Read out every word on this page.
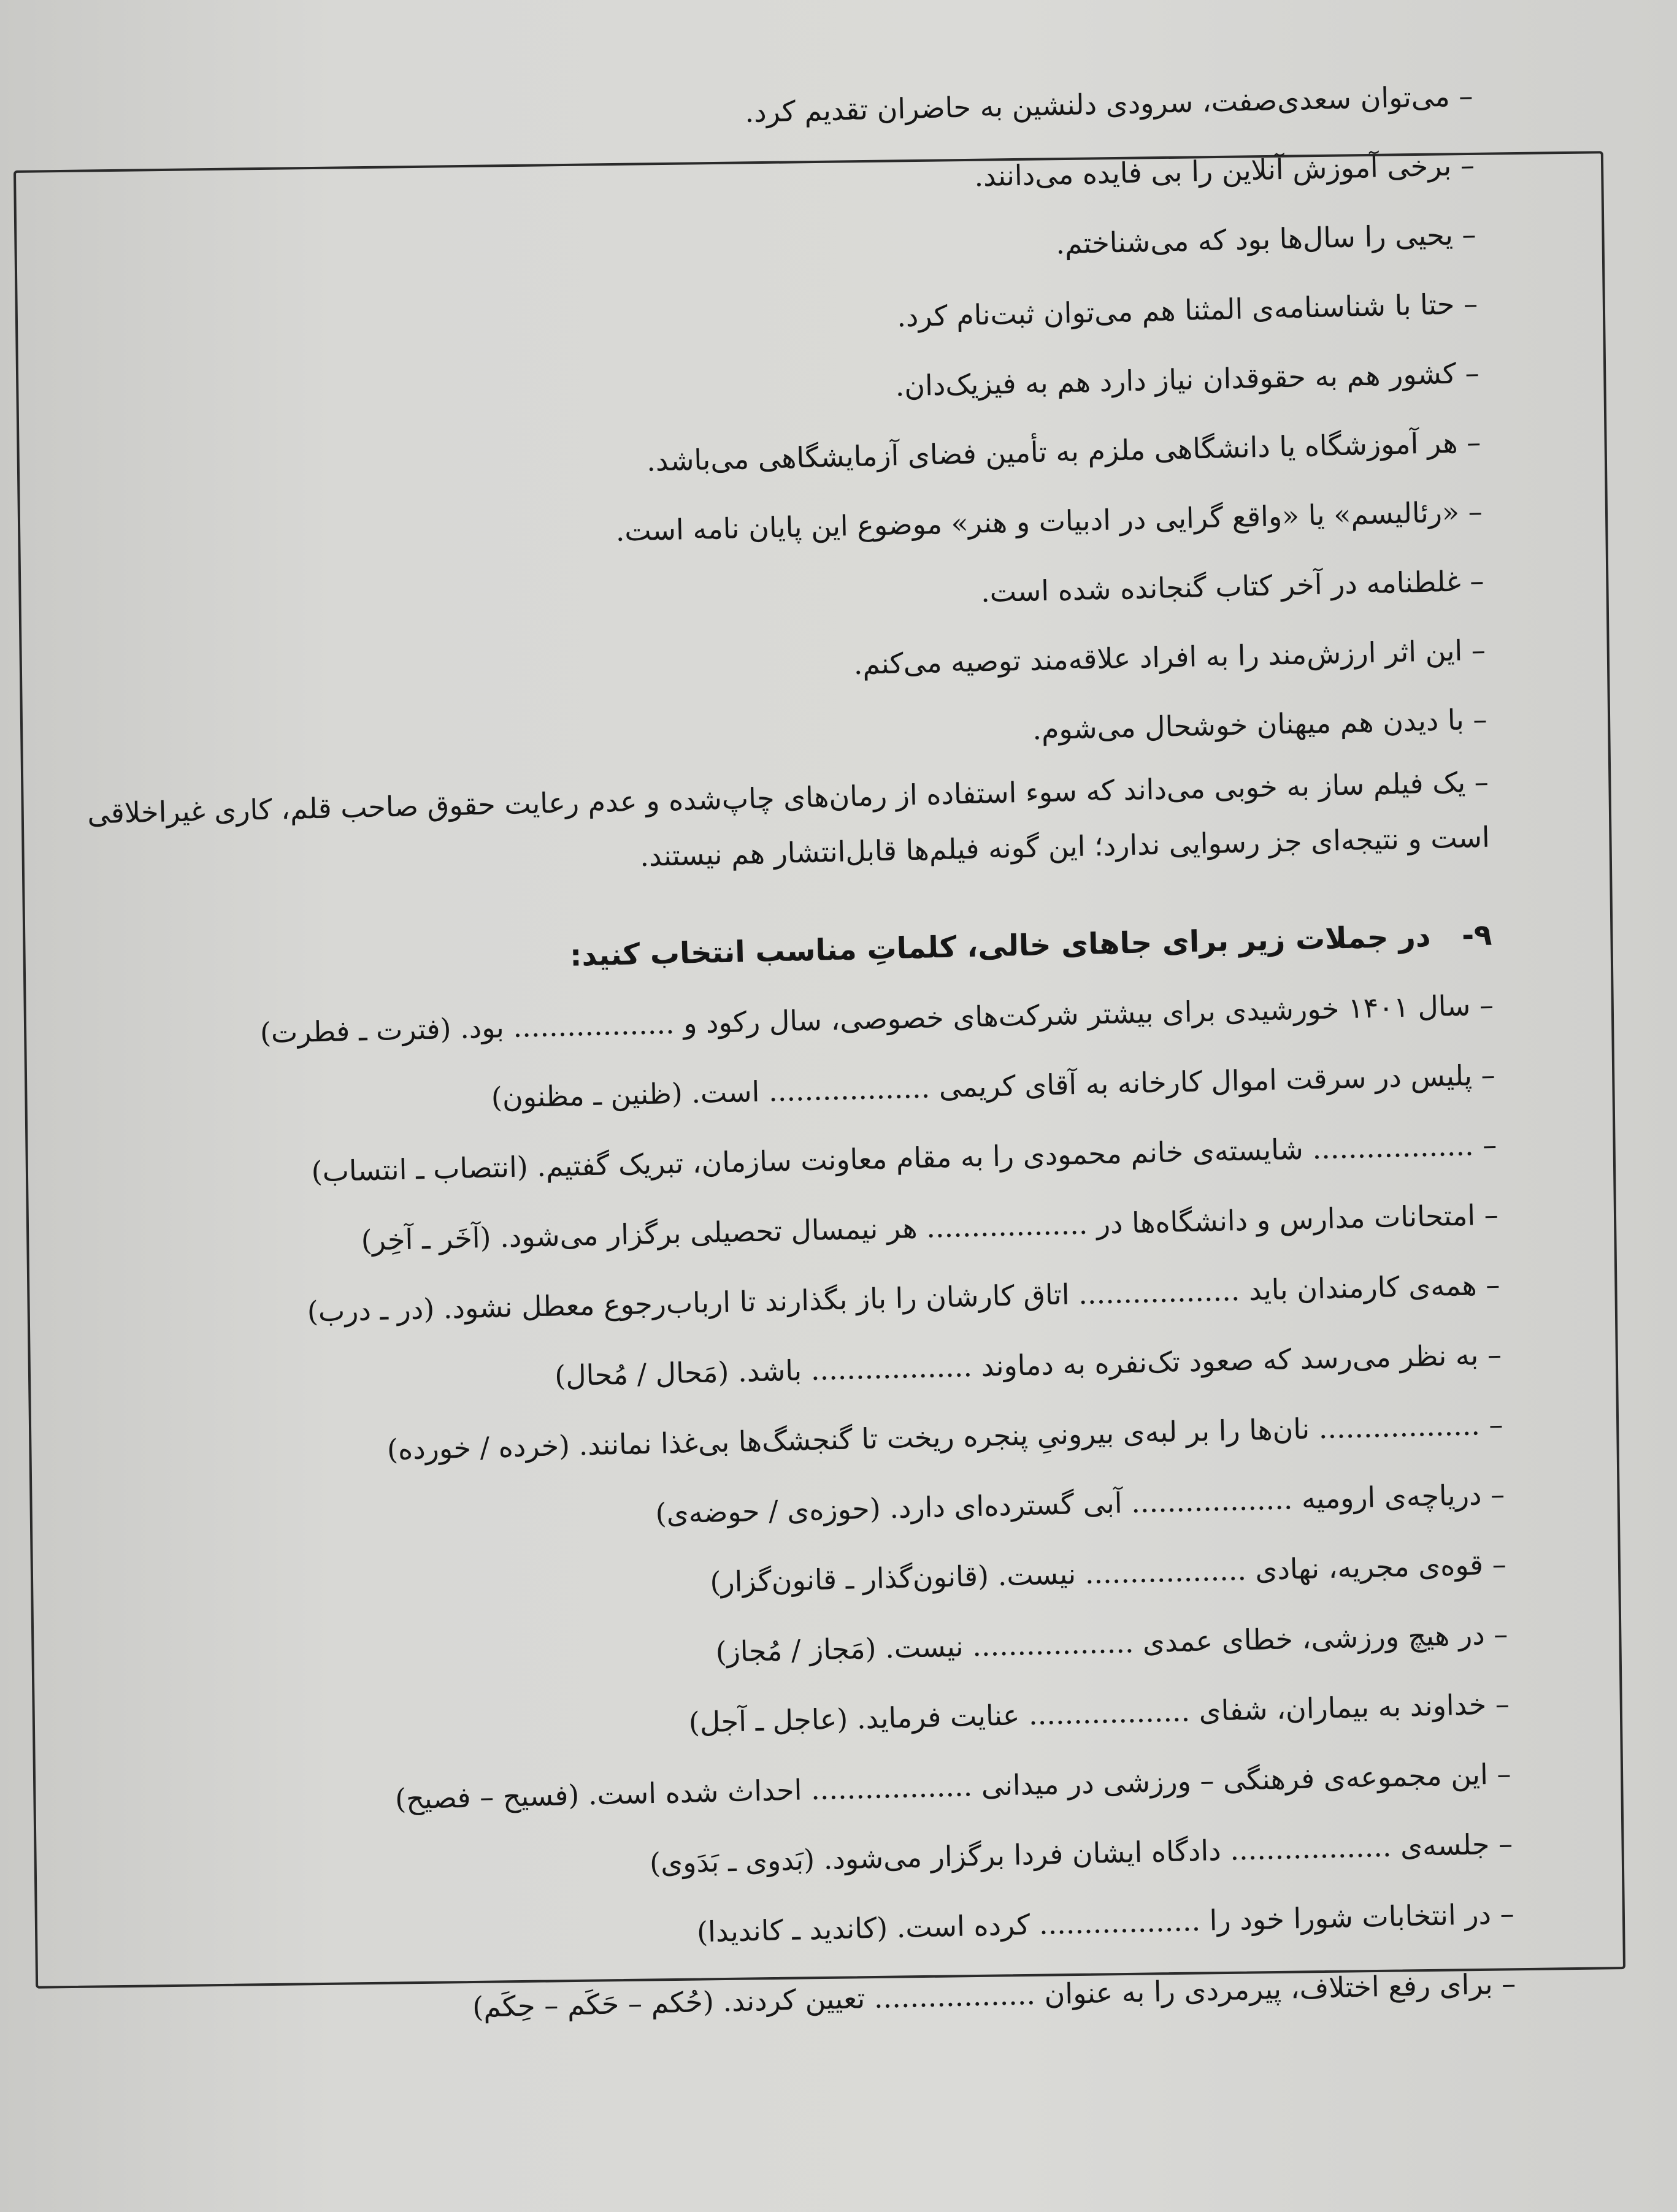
– می‌توان سعدی‌صفت، سرودی دلنشین به حاضران تقدیم کرد.

– برخی آموزش آنلاین را بی فایده می‌دانند.

– یحیی را سال‌ها بود که می‌شناختم.

– حتا با شناسنامه‌ی المثنا هم می‌توان ثبت‌نام کرد.

– کشور هم به حقوقدان نیاز دارد هم به فیزیک‌دان.

– هر آموزشگاه یا دانشگاهی ملزم به تأمین فضای آزمایشگاهی می‌باشد.

– «رئالیسم» یا «واقع گرایی در ادبیات و هنر» موضوع این پایان نامه است.

– غلطنامه در آخر کتاب گنجانده شده است.

– این اثر ارزش‌مند را به افراد علاقه‌مند توصیه می‌کنم.

– با دیدن هم میهنان خوشحال می‌شوم.

– یک فیلم ساز به خوبی می‌داند که سوء استفاده از رمان‌های چاپ‌شده و عدم رعایت حقوق صاحب قلم، کاری غیراخلاقی است و نتیجه‌ای جز رسوایی ندارد؛ این گونه فیلم‌ها قابل‌انتشار هم نیستند.

۹-در جملات زیر برای جاهای خالی، کلماتِ مناسب انتخاب کنید:

– سال ۱۴۰۱ خورشیدی برای بیشتر شرکت‌های خصوصی، سال رکود و .................. بود. (فترت ـ فطرت)

– پلیس در سرقت اموال کارخانه به آقای کریمی .................. است. (ظنین ـ مظنون)

– .................. شایسته‌ی خانم محمودی را به مقام معاونت سازمان، تبریک گفتیم. (انتصاب ـ انتساب)

– امتحانات مدارس و دانشگاه‌ها در .................. هر نیمسال تحصیلی برگزار می‌شود. (آخَر ـ آخِر)

– همه‌ی کارمندان باید .................. اتاق کارشان را باز بگذارند تا ارباب‌رجوع معطل نشود. (در ـ درب)

– به نظر می‌رسد که صعود تک‌نفره به دماوند .................. باشد. (مَحال / مُحال)

– .................. نان‌ها را بر لبه‌ی بیرونیِ پنجره ریخت تا گنجشگ‌ها بی‌غذا نمانند. (خرده / خورده)

– دریاچه‌ی ارومیه .................. آبی گسترده‌ای دارد. (حوزه‌ی / حوضه‌ی)

– قوه‌ی مجریه، نهادی .................. نیست. (قانون‌گذار ـ قانون‌گزار)

– در هیچ ورزشی، خطای عمدی .................. نیست. (مَجاز / مُجاز)

– خداوند به بیماران، شفای .................. عنایت فرماید. (عاجل ـ آجل)

– این مجموعه‌ی فرهنگی – ورزشی در میدانی .................. احداث شده است. (فسیح – فصیح)

– جلسه‌ی .................. دادگاه ایشان فردا برگزار می‌شود. (بَدوی ـ بَدَوی)

– در انتخابات شورا خود را .................. کرده است. (کاندید ـ کاندیدا)

– برای رفع اختلاف، پیرمردی را به عنوان .................. تعیین کردند. (حُکم – حَکَم – حِکَم)
